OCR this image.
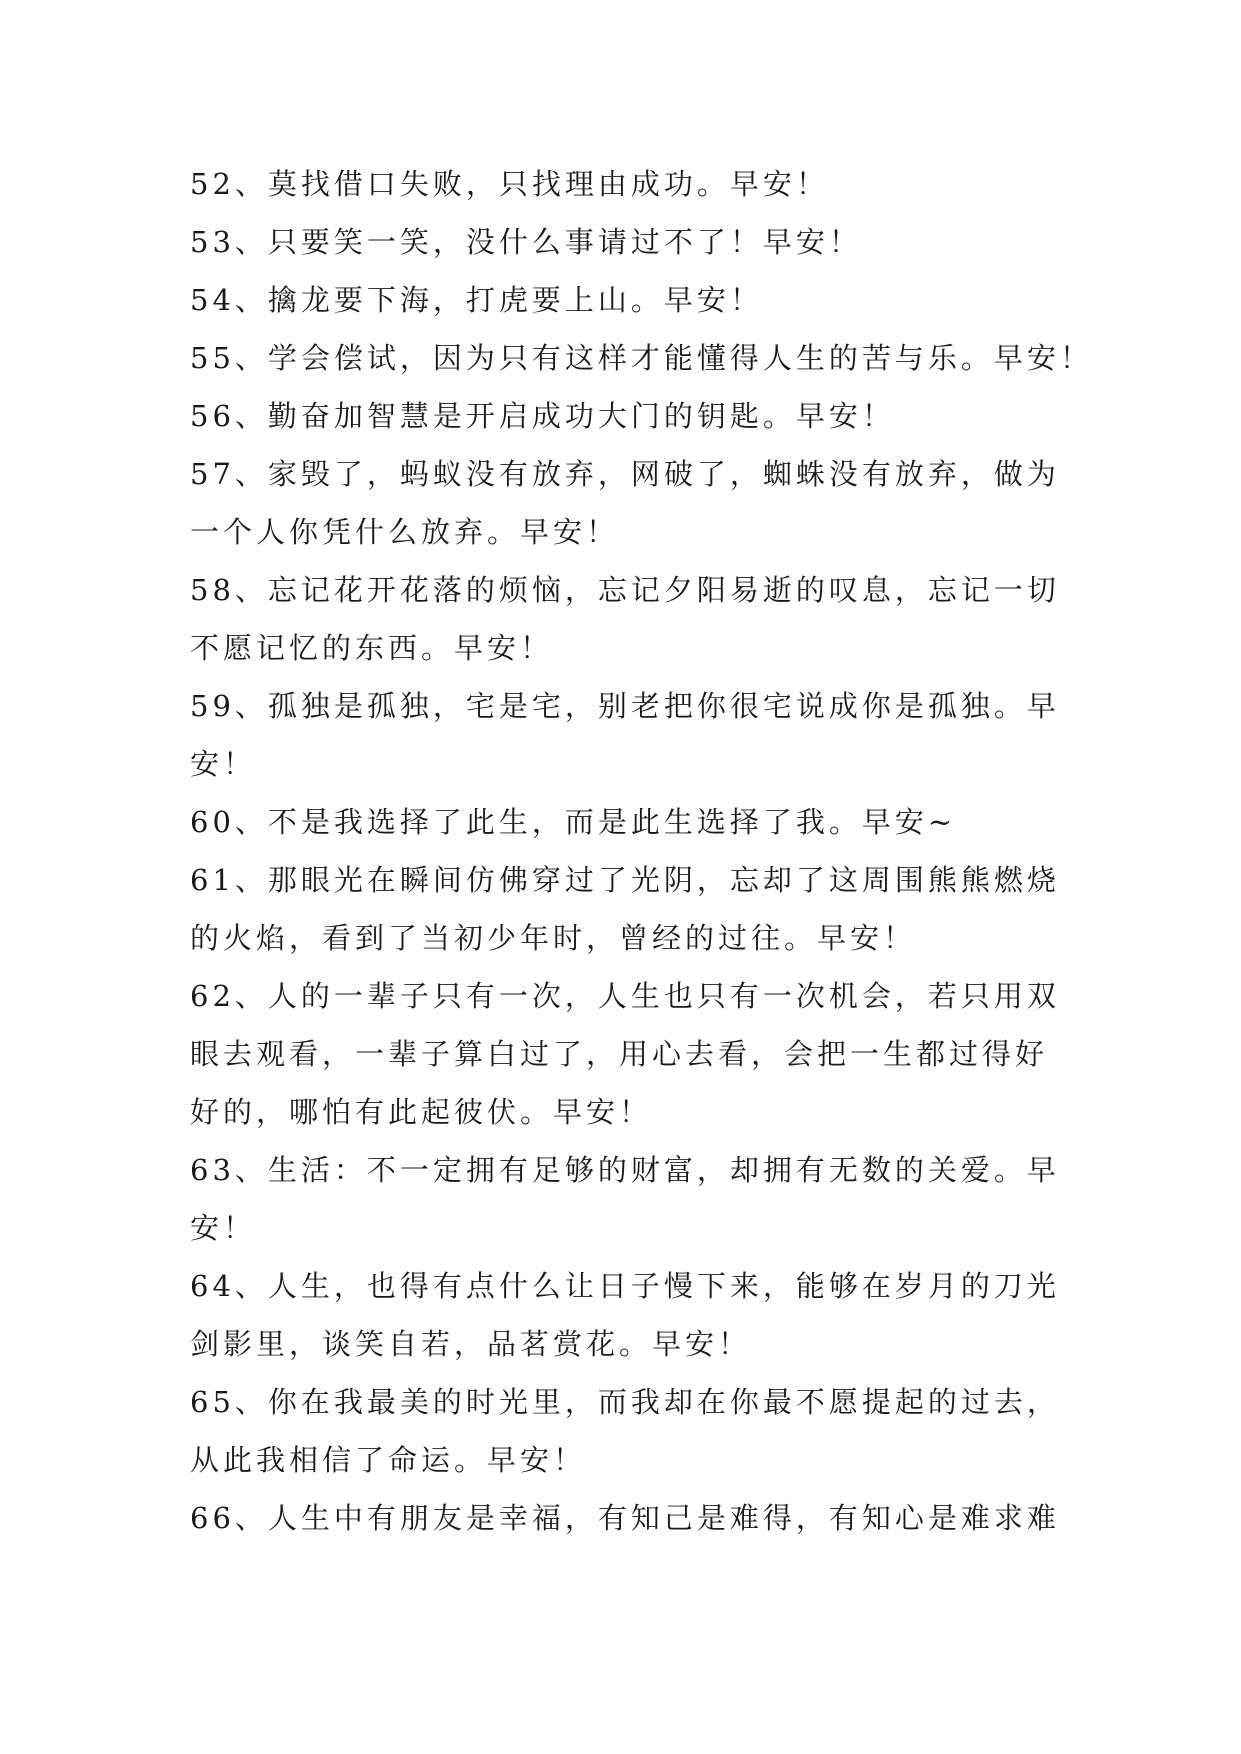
52、莫找借口失败，只找理由成功。早安！
53、只要笑一笑，没什么事请过不了！早安！
54、擒龙要下海，打虎要上山。早安！
55、学会偿试，因为只有这样才能懂得人生的苦与乐。早安！
56、勤奋加智慧是开启成功大门的钥匙。早安！
57、家毁了，蚂蚁没有放弃，网破了，蜘蛛没有放弃，做为
一个人你凭什么放弃。早安！
58、忘记花开花落的烦恼，忘记夕阳易逝的叹息，忘记一切
不愿记忆的东西。早安！
59、孤独是孤独，宅是宅，别老把你很宅说成你是孤独。早
安！
60、不是我选择了此生，而是此生选择了我。早安~
61、那眼光在瞬间仿佛穿过了光阴，忘却了这周围熊熊燃烧
的火焰，看到了当初少年时，曾经的过往。早安！
62、人的一辈子只有一次，人生也只有一次机会，若只用双
眼去观看，一辈子算白过了，用心去看，会把一生都过得好
好的，哪怕有此起彼伏。早安！
63、生活：不一定拥有足够的财富，却拥有无数的关爱。早
安！
64、人生，也得有点什么让日子慢下来，能够在岁月的刀光
剑影里，谈笑自若，品茗赏花。早安！
65、你在我最美的时光里，而我却在你最不愿提起的过去，
从此我相信了命运。早安！
66、人生中有朋友是幸福，有知己是难得，有知心是难求难
